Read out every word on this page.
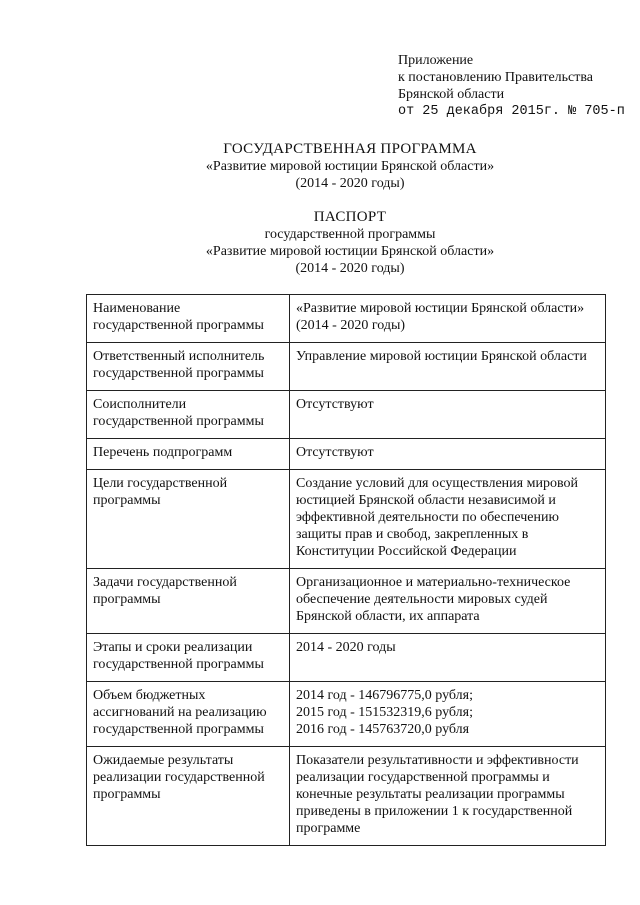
Приложение
к постановлению Правительства
Брянской области
от 25 декабря 2015г. № 705-п
ГОСУДАРСТВЕННАЯ ПРОГРАММА
«Развитие мировой юстиции Брянской области»
(2014 - 2020 годы)
ПАСПОРТ
государственной программы
«Развитие мировой юстиции Брянской области»
(2014 - 2020 годы)
Наименование
государственной программы	«Развитие мировой юстиции Брянской области»
(2014 - 2020 годы)

Ответственный исполнитель
государственной программы	Управление мировой юстиции Брянской области

Соисполнители
государственной программы	Отсутствуют

Перечень подпрограмм	Отсутствуют

Цели государственной
программы	Создание условий для осуществления мировой
юстицией Брянской области независимой и
эффективной деятельности по обеспечению
защиты прав и свобод, закрепленных в
Конституции Российской Федерации

Задачи государственной
программы	Организационное и материально-техническое
обеспечение деятельности мировых судей
Брянской области, их аппарата

Этапы и сроки реализации
государственной программы	2014 - 2020 годы

Объем бюджетных
ассигнований на реализацию
государственной программы	2014 год - 146796775,0 рубля;
2015 год - 151532319,6 рубля;
2016 год - 145763720,0 рубля

Ожидаемые результаты
реализации государственной
программы	Показатели результативности и эффективности
реализации государственной программы и
конечные результаты реализации программы
приведены в приложении 1 к государственной
программе
